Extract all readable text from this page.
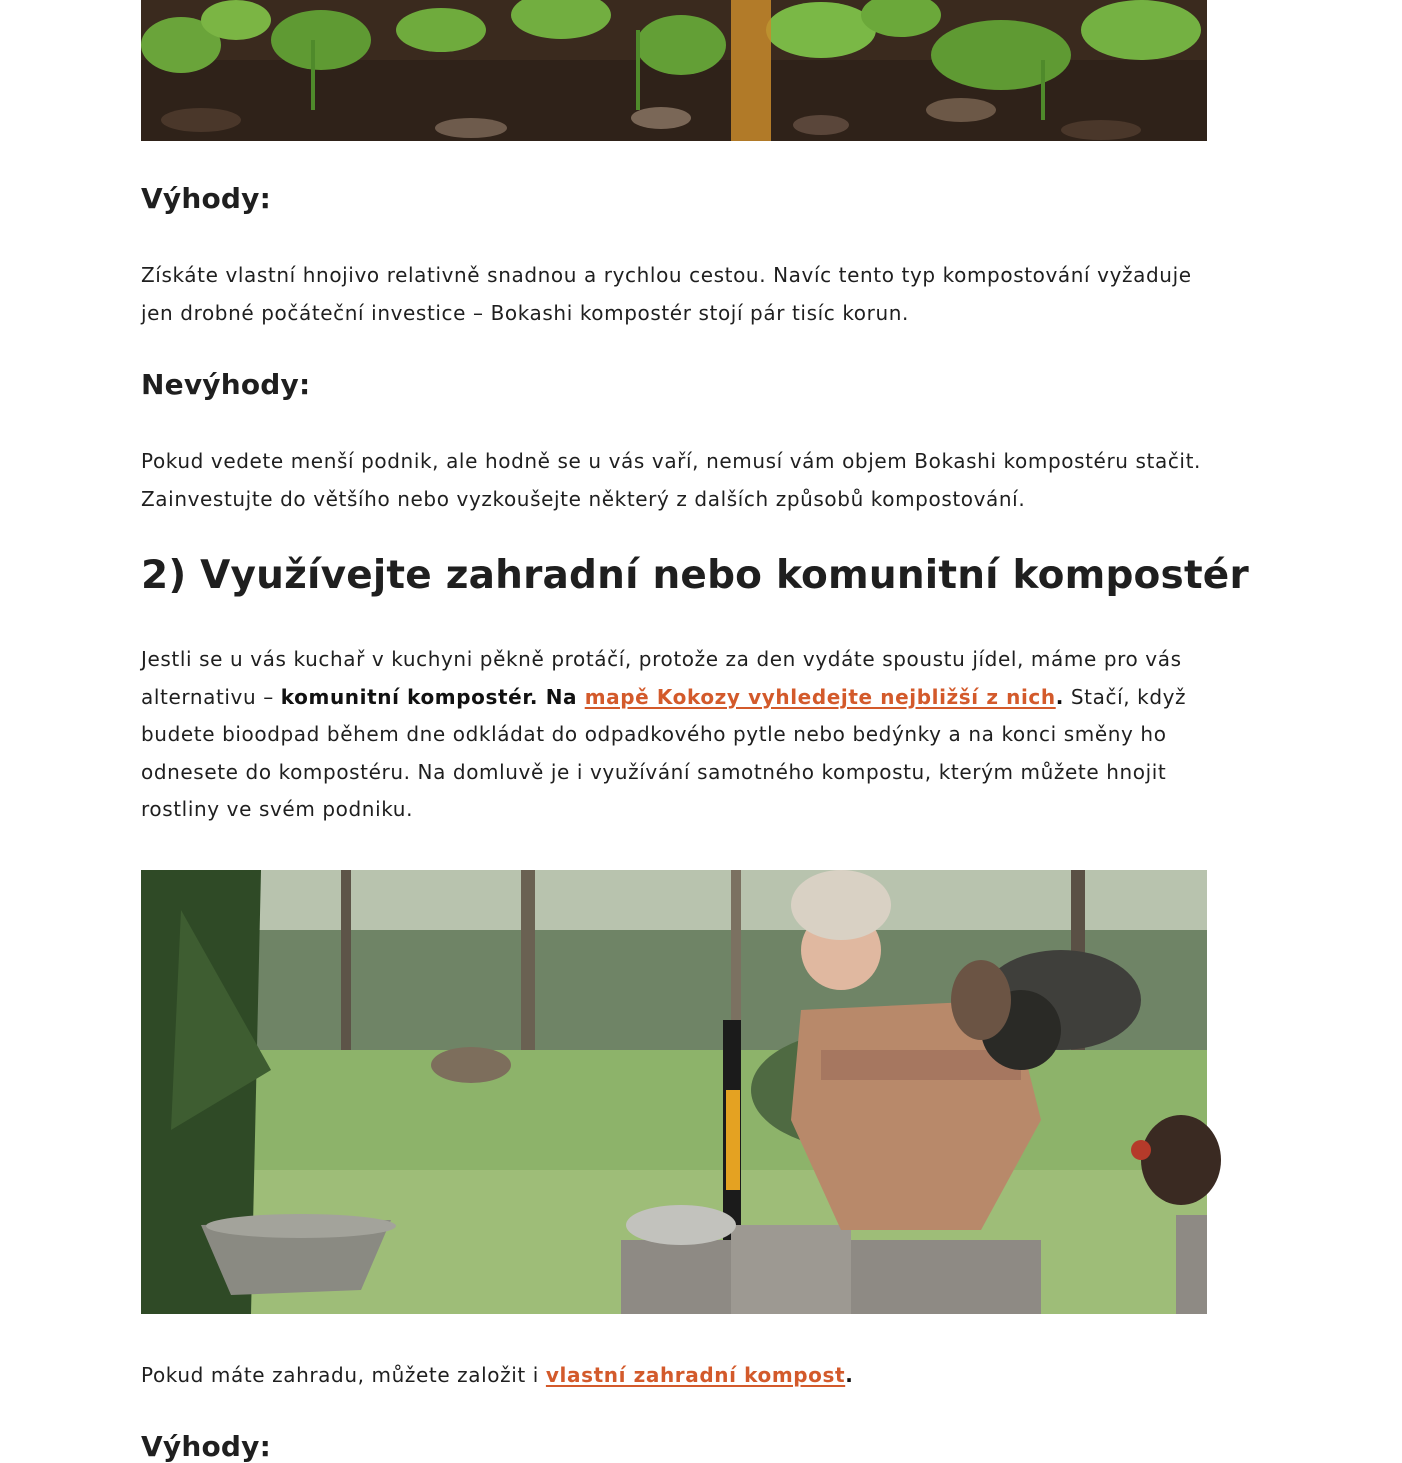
Výhody:

Získáte vlastní hnojivo relativně snadnou a rychlou cestou. Navíc tento typ kompostování vyžaduje jen drobné počáteční investice – Bokashi kompostér stojí pár tisíc korun.

Nevýhody:

Pokud vedete menší podnik, ale hodně se u vás vaří, nemusí vám objem Bokashi kompostéru stačit. Zainvestujte do většího nebo vyzkoušejte některý z dalších způsobů kompostování.

2) Využívejte zahradní nebo komunitní kompostér

Jestli se u vás kuchař v kuchyni pěkně protáčí, protože za den vydáte spoustu jídel, máme pro vás alternativu – komunitní kompostér. Na mapě Kokozy vyhledejte nejbližší z nich. Stačí, když budete bioodpad během dne odkládat do odpadkového pytle nebo bedýnky a na konci směny ho odnesete do kompostéru. Na domluvě je i využívání samotného kompostu, kterým můžete hnojit rostliny ve svém podniku.

Pokud máte zahradu, můžete založit i vlastní zahradní kompost.

Výhody:
